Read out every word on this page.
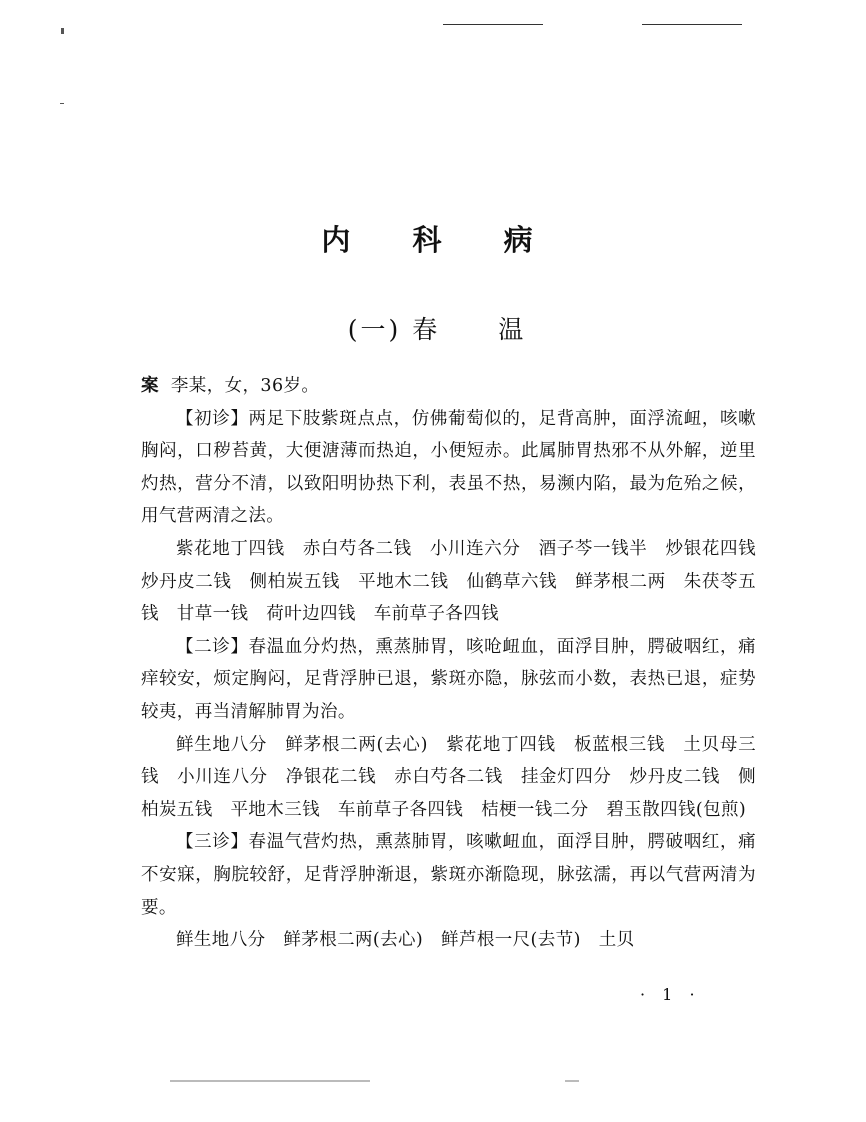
内 科 病
(一) 春 温

案 李某，女，36岁。

【初诊】两足下肢紫斑点点，仿佛葡萄似的，足背高肿，面浮流衄，咳嗽胸闷，口秽苔黄，大便溏薄而热迫，小便短赤。此属肺胃热邪不从外解，逆里灼热，营分不清，以致阳明协热下利，表虽不热，易濒内陷，最为危殆之候，用气营两清之法。

紫花地丁四钱　赤白芍各二钱　小川连六分　酒子芩一钱半　炒银花四钱　炒丹皮二钱　侧柏炭五钱　平地木二钱　仙鹤草六钱　鲜茅根二两　朱茯苓五钱　甘草一钱　荷叶边四钱　车前草子各四钱

【二诊】春温血分灼热，熏蒸肺胃，咳呛衄血，面浮目肿，腭破咽红，痛痒较安，烦定胸闷，足背浮肿已退，紫斑亦隐，脉弦而小数，表热已退，症势较夷，再当清解肺胃为治。

鲜生地八分　鲜茅根二两(去心)　紫花地丁四钱　板蓝根三钱　土贝母三钱　小川连八分　净银花二钱　赤白芍各二钱　挂金灯四分　炒丹皮二钱　侧柏炭五钱　平地木三钱　车前草子各四钱　桔梗一钱二分　碧玉散四钱(包煎)

【三诊】春温气营灼热，熏蒸肺胃，咳嗽衄血，面浮目肿，腭破咽红，痛不安寐，胸脘较舒，足背浮肿渐退，紫斑亦渐隐现，脉弦濡，再以气营两清为要。

鲜生地八分　鲜茅根二两(去心)　鲜芦根一尺(去节)　土贝

· 1 ·
